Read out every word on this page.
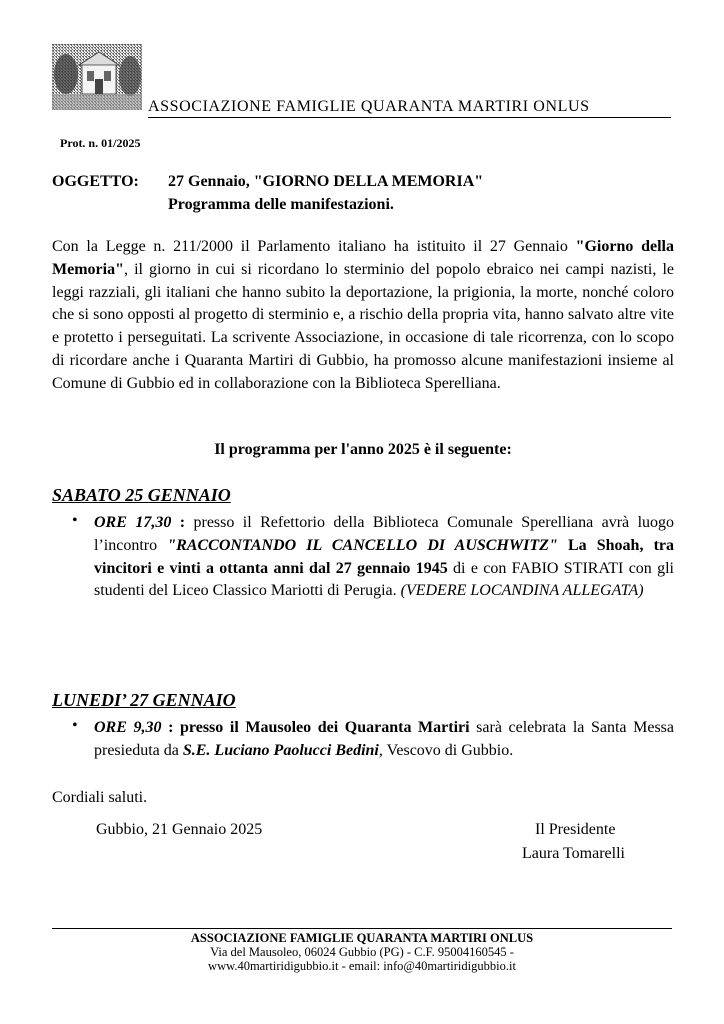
ASSOCIAZIONE FAMIGLIE QUARANTA MARTIRI ONLUS
Prot. n. 01/2025
OGGETTO: 27 Gennaio, "GIORNO DELLA MEMORIA"
Programma delle manifestazioni.
Con la Legge n. 211/2000 il Parlamento italiano ha istituito il 27 Gennaio "Giorno della Memoria", il giorno in cui si ricordano lo sterminio del popolo ebraico nei campi nazisti, le leggi razziali, gli italiani che hanno subito la deportazione, la prigionia, la morte, nonché coloro che si sono opposti al progetto di sterminio e, a rischio della propria vita, hanno salvato altre vite e protetto i perseguitati. La scrivente Associazione, in occasione di tale ricorrenza, con lo scopo di ricordare anche i Quaranta Martiri di Gubbio, ha promosso alcune manifestazioni insieme al Comune di Gubbio ed in collaborazione con la Biblioteca Sperelliana.
Il programma per l'anno 2025 è il seguente:
SABATO 25 GENNAIO
• ORE 17,30 : presso il Refettorio della Biblioteca Comunale Sperelliana avrà luogo l’incontro "RACCONTANDO IL CANCELLO DI AUSCHWITZ" La Shoah, tra vincitori e vinti a ottanta anni dal 27 gennaio 1945 di e con FABIO STIRATI con gli studenti del Liceo Classico Mariotti di Perugia. (VEDERE LOCANDINA ALLEGATA)
LUNEDI’ 27 GENNAIO
• ORE 9,30 : presso il Mausoleo dei Quaranta Martiri sarà celebrata la Santa Messa presieduta da S.E. Luciano Paolucci Bedini, Vescovo di Gubbio.
Cordiali saluti.
Gubbio, 21 Gennaio 2025	Il Presidente
Laura Tomarelli
ASSOCIAZIONE FAMIGLIE QUARANTA MARTIRI ONLUS
Via del Mausoleo, 06024 Gubbio (PG) - C.F. 95004160545 -
www.40martiridigubbio.it - email: info@40martiridigubbio.it
